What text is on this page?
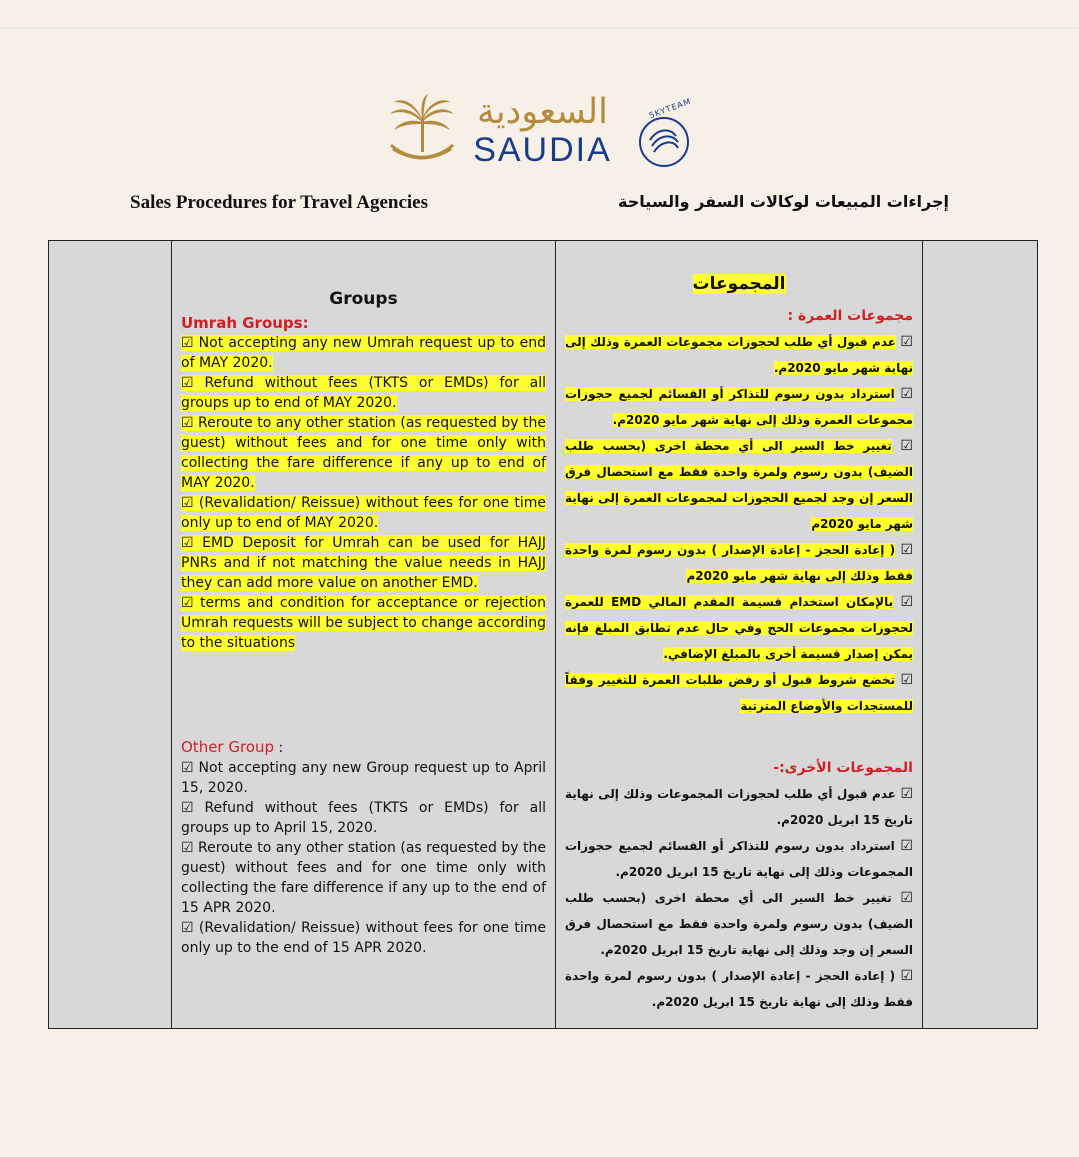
السعودية
SAUDIA
SKYTEAM
Sales Procedures for Travel Agencies	إجراءات المبيعات لوكالات السفر والسياحة
Groups
Umrah Groups:
☑ Not accepting any new Umrah request up to end of MAY 2020.
☑ Refund without fees (TKTS or EMDs) for all groups up to end of MAY 2020.
☑ Reroute to any other station (as requested by the guest) without fees and for one time only with collecting the fare difference if any up to end of MAY 2020.
☑ (Revalidation/ Reissue) without fees for one time only up to end of MAY 2020.
☑ EMD Deposit for Umrah can be used for HAJJ PNRs and if not matching the value needs in HAJJ they can add more value on another EMD.
☑ terms and condition for acceptance or rejection Umrah requests will be subject to change according to the situations
Other Group :
☑ Not accepting any new Group request up to April 15, 2020.
☑ Refund without fees (TKTS or EMDs) for all groups up to April 15, 2020.
☑ Reroute to any other station (as requested by the guest) without fees and for one time only with collecting the fare difference if any up to the end of 15 APR 2020.
☑ (Revalidation/ Reissue) without fees for one time only up to the end of 15 APR 2020.
المجموعات
مجموعات العمرة :
☑ عدم قبول أي طلب لحجوزات مجموعات العمرة وذلك إلى نهاية شهر مايو 2020م.
☑ استرداد بدون رسوم للتذاكر أو القسائم لجميع حجوزات مجموعات العمرة وذلك إلى نهاية شهر مايو 2020م.
☑ تغيير خط السير الى أي محطة اخرى (بحسب طلب الضيف) بدون رسوم ولمرة واحدة فقط مع استحصال فرق السعر إن وجد لجميع الحجوزات لمجموعات العمرة إلى نهاية شهر مايو 2020م
☑ ( إعادة الحجز - إعادة الإصدار ) بدون رسوم لمرة واحدة فقط وذلك إلى نهاية شهر مايو 2020م
☑ بالإمكان استخدام قسيمة المقدم المالي EMD للعمرة لحجوزات مجموعات الحج وفي حال عدم تطابق المبلغ فإنه يمكن إصدار قسيمة أخرى بالمبلغ الإضافي.
☑ تخضع شروط قبول أو رفض طلبات العمرة للتغيير وفقاً للمستجدات والأوضاع المترتبة
المجموعات الأخرى:-
☑ عدم قبول أي طلب لحجوزات المجموعات وذلك إلى نهاية تاريخ 15 ابريل 2020م.
☑ استرداد بدون رسوم للتذاكر أو القسائم لجميع حجوزات المجموعات وذلك إلى نهاية تاريخ 15 ابريل 2020م.
☑ تغيير خط السير الى أي محطة اخرى (بحسب طلب الضيف) بدون رسوم ولمرة واحدة فقط مع استحصال فرق السعر إن وجد وذلك إلى نهاية تاريخ 15 ابريل 2020م.
☑ ( إعادة الحجز - إعادة الإصدار ) بدون رسوم لمرة واحدة فقط وذلك إلى نهاية تاريخ 15 ابريل 2020م.
